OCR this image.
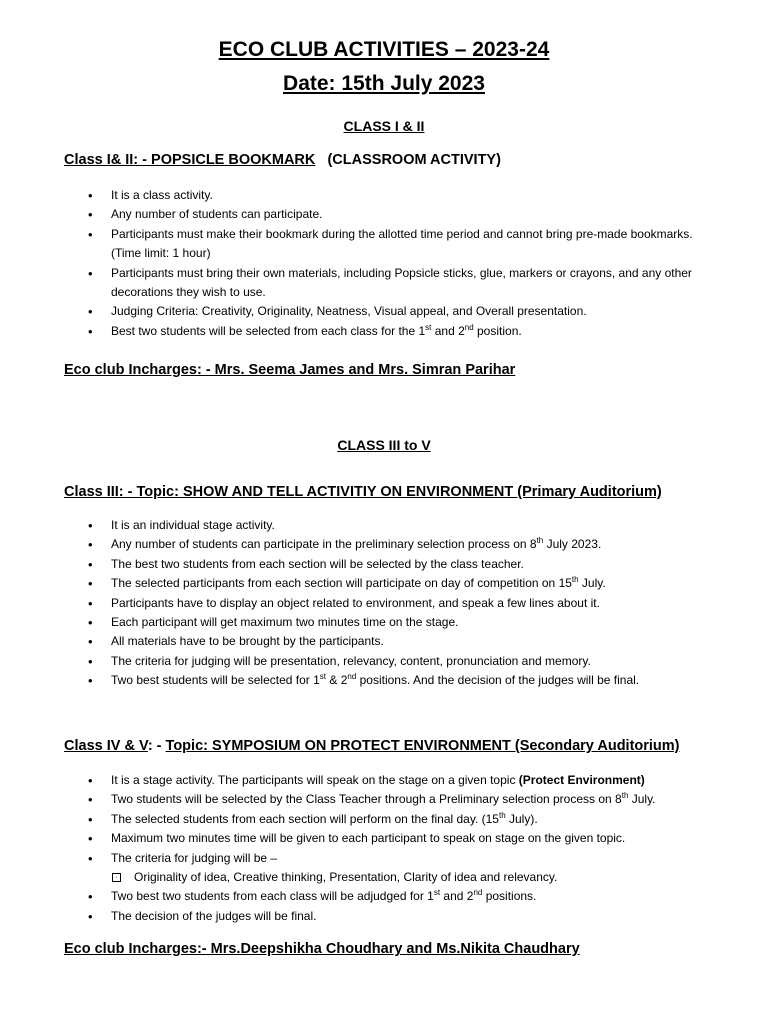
ECO CLUB ACTIVITIES – 2023-24
Date: 15th July 2023
CLASS I & II
Class I& II: - POPSICLE BOOKMARK (CLASSROOM ACTIVITY)
• It is a class activity.
• Any number of students can participate.
• Participants must make their bookmark during the allotted time period and cannot bring pre-made bookmarks. (Time limit: 1 hour)
• Participants must bring their own materials, including Popsicle sticks, glue, markers or crayons, and any other decorations they wish to use.
• Judging Criteria: Creativity, Originality, Neatness, Visual appeal, and Overall presentation.
• Best two students will be selected from each class for the 1st and 2nd position.
Eco club Incharges: - Mrs. Seema James and Mrs. Simran Parihar
CLASS III to V
Class III: - Topic: SHOW AND TELL ACTIVITIY ON ENVIRONMENT (Primary Auditorium)
• It is an individual stage activity.
• Any number of students can participate in the preliminary selection process on 8th July 2023.
• The best two students from each section will be selected by the class teacher.
• The selected participants from each section will participate on day of competition on 15th July.
• Participants have to display an object related to environment, and speak a few lines about it.
• Each participant will get maximum two minutes time on the stage.
• All materials have to be brought by the participants.
• The criteria for judging will be presentation, relevancy, content, pronunciation and memory.
• Two best students will be selected for 1st & 2nd positions. And the decision of the judges will be final.
Class IV & V: - Topic: SYMPOSIUM ON PROTECT ENVIRONMENT (Secondary Auditorium)
• It is a stage activity. The participants will speak on the stage on a given topic (Protect Environment)
• Two students will be selected by the Class Teacher through a Preliminary selection process on 8th July.
• The selected students from each section will perform on the final day. (15th July).
• Maximum two minutes time will be given to each participant to speak on stage on the given topic.
• The criteria for judging will be –
· Originality of idea, Creative thinking, Presentation, Clarity of idea and relevancy.
• Two best two students from each class will be adjudged for 1st and 2nd positions.
• The decision of the judges will be final.
Eco club Incharges:- Mrs.Deepshikha Choudhary and Ms.Nikita Chaudhary
